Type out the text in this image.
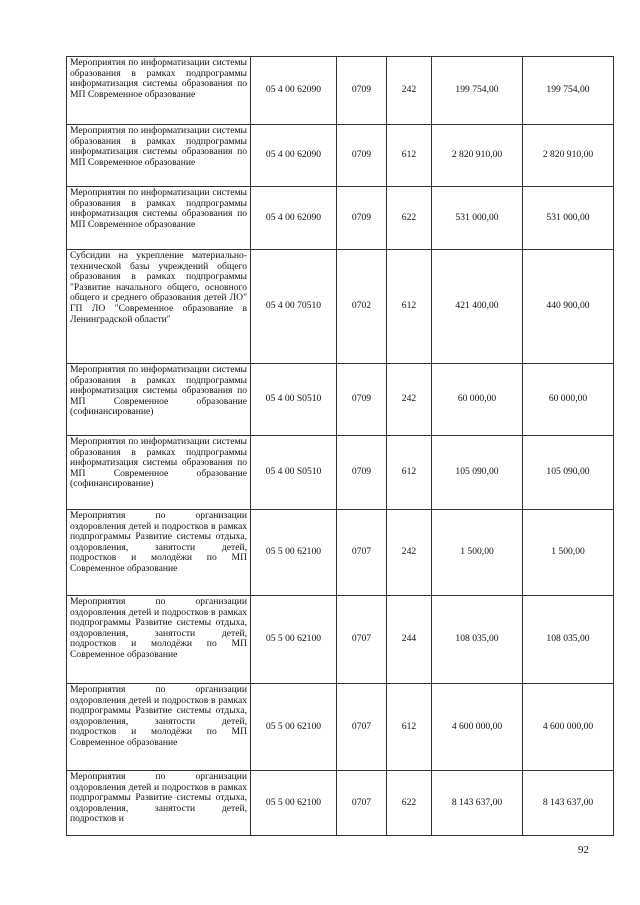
Мероприятия по информатизации системы образования в рамках подпрограммы информатизация системы образования по МП Современное образование	05 4 00 62090	0709	242	199 754,00	199 754,00
Мероприятия по информатизации системы образования в рамках подпрограммы информатизация системы образования по МП Современное образование	05 4 00 62090	0709	612	2 820 910,00	2 820 910,00
Мероприятия по информатизации системы образования в рамках подпрограммы информатизация системы образования по МП Современное образование	05 4 00 62090	0709	622	531 000,00	531 000,00
Субсидии на укрепление материально-технической базы учреждений общего образования в рамках подпрограммы "Развитие начального общего, основного общего и среднего образования детей ЛО" ГП ЛО "Современное образование в Ленинградской области"	05 4 00 70510	0702	612	421 400,00	440 900,00
Мероприятия по информатизации системы образования в рамках подпрограммы информатизация системы образования по МП Современное образование (софинансирование)	05 4 00 S0510	0709	242	60 000,00	60 000,00
Мероприятия по информатизации системы образования в рамках подпрограммы информатизация системы образования по МП Современное образование (софинансирование)	05 4 00 S0510	0709	612	105 090,00	105 090,00
Мероприятия по организации оздоровления детей и подростков в рамках подпрограммы Развитие системы отдыха, оздоровления, занятости детей, подростков и молодёжи по МП Современное образование	05 5 00 62100	0707	242	1 500,00	1 500,00
Мероприятия по организации оздоровления детей и подростков в рамках подпрограммы Развитие системы отдыха, оздоровления, занятости детей, подростков и молодёжи по МП Современное образование	05 5 00 62100	0707	244	108 035,00	108 035,00
Мероприятия по организации оздоровления детей и подростков в рамках подпрограммы Развитие системы отдыха, оздоровления, занятости детей, подростков и молодёжи по МП Современное образование	05 5 00 62100	0707	612	4 600 000,00	4 600 000,00
Мероприятия по организации оздоровления детей и подростков в рамках подпрограммы Развитие системы отдыха, оздоровления, занятости детей, подростков и	05 5 00 62100	0707	622	8 143 637,00	8 143 637,00
92
